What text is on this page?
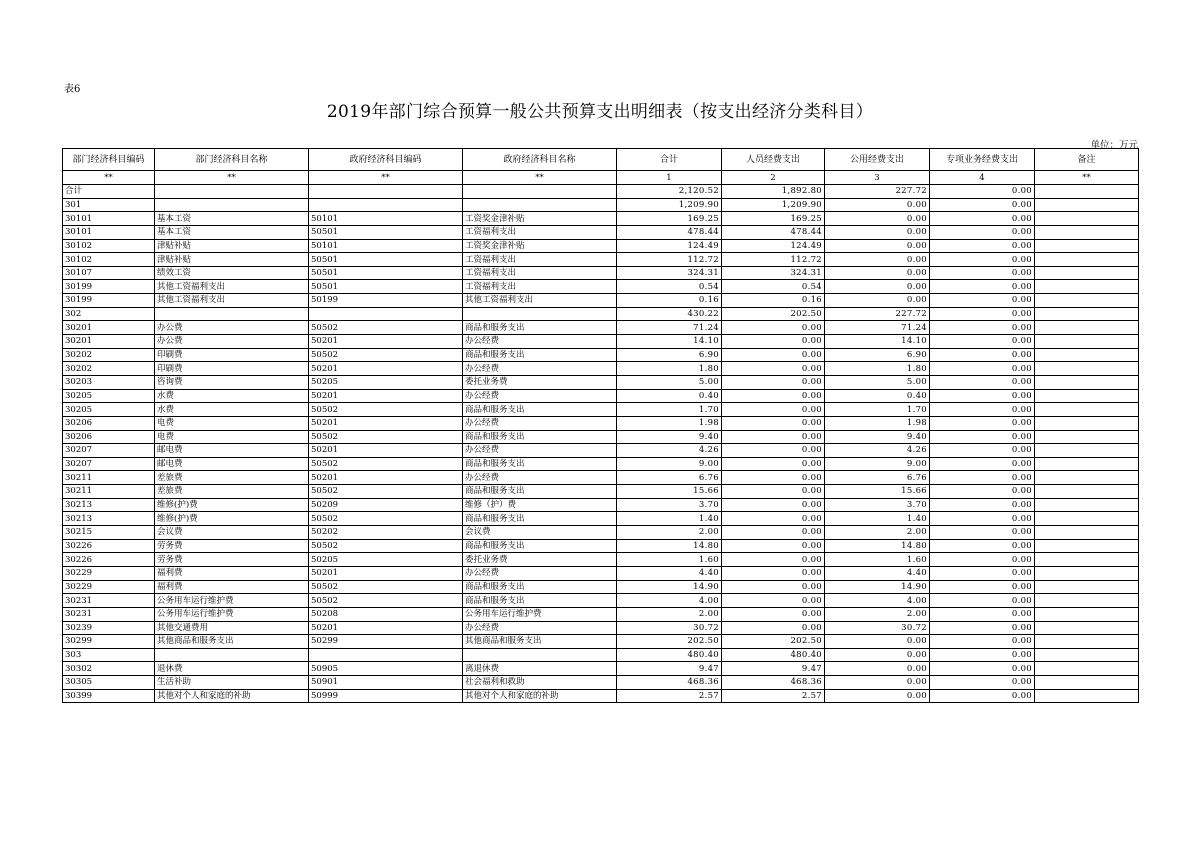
表6
2019年部门综合预算一般公共预算支出明细表（按支出经济分类科目）
单位：万元
部门经济科目编码	部门经济科目名称	政府经济科目编码	政府经济科目名称	合计	人员经费支出	公用经费支出	专项业务经费支出	备注
**	**	**	**	1	2	3	4	**
合计				2,120.52	1,892.80	227.72	0.00	
301				1,209.90	1,209.90	0.00	0.00	
30101	基本工资	50101	工资奖金津补贴	169.25	169.25	0.00	0.00	
30101	基本工资	50501	工资福利支出	478.44	478.44	0.00	0.00	
30102	津贴补贴	50101	工资奖金津补贴	124.49	124.49	0.00	0.00	
30102	津贴补贴	50501	工资福利支出	112.72	112.72	0.00	0.00	
30107	绩效工资	50501	工资福利支出	324.31	324.31	0.00	0.00	
30199	其他工资福利支出	50501	工资福利支出	0.54	0.54	0.00	0.00	
30199	其他工资福利支出	50199	其他工资福利支出	0.16	0.16	0.00	0.00	
302				430.22	202.50	227.72	0.00	
30201	办公费	50502	商品和服务支出	71.24	0.00	71.24	0.00	
30201	办公费	50201	办公经费	14.10	0.00	14.10	0.00	
30202	印刷费	50502	商品和服务支出	6.90	0.00	6.90	0.00	
30202	印刷费	50201	办公经费	1.80	0.00	1.80	0.00	
30203	咨询费	50205	委托业务费	5.00	0.00	5.00	0.00	
30205	水费	50201	办公经费	0.40	0.00	0.40	0.00	
30205	水费	50502	商品和服务支出	1.70	0.00	1.70	0.00	
30206	电费	50201	办公经费	1.98	0.00	1.98	0.00	
30206	电费	50502	商品和服务支出	9.40	0.00	9.40	0.00	
30207	邮电费	50201	办公经费	4.26	0.00	4.26	0.00	
30207	邮电费	50502	商品和服务支出	9.00	0.00	9.00	0.00	
30211	差旅费	50201	办公经费	6.76	0.00	6.76	0.00	
30211	差旅费	50502	商品和服务支出	15.66	0.00	15.66	0.00	
30213	维修(护)费	50209	维修（护）费	3.70	0.00	3.70	0.00	
30213	维修(护)费	50502	商品和服务支出	1.40	0.00	1.40	0.00	
30215	会议费	50202	会议费	2.00	0.00	2.00	0.00	
30226	劳务费	50502	商品和服务支出	14.80	0.00	14.80	0.00	
30226	劳务费	50205	委托业务费	1.60	0.00	1.60	0.00	
30229	福利费	50201	办公经费	4.40	0.00	4.40	0.00	
30229	福利费	50502	商品和服务支出	14.90	0.00	14.90	0.00	
30231	公务用车运行维护费	50502	商品和服务支出	4.00	0.00	4.00	0.00	
30231	公务用车运行维护费	50208	公务用车运行维护费	2.00	0.00	2.00	0.00	
30239	其他交通费用	50201	办公经费	30.72	0.00	30.72	0.00	
30299	其他商品和服务支出	50299	其他商品和服务支出	202.50	202.50	0.00	0.00	
303				480.40	480.40	0.00	0.00	
30302	退休费	50905	离退休费	9.47	9.47	0.00	0.00	
30305	生活补助	50901	社会福利和救助	468.36	468.36	0.00	0.00	
30399	其他对个人和家庭的补助	50999	其他对个人和家庭的补助	2.57	2.57	0.00	0.00	
